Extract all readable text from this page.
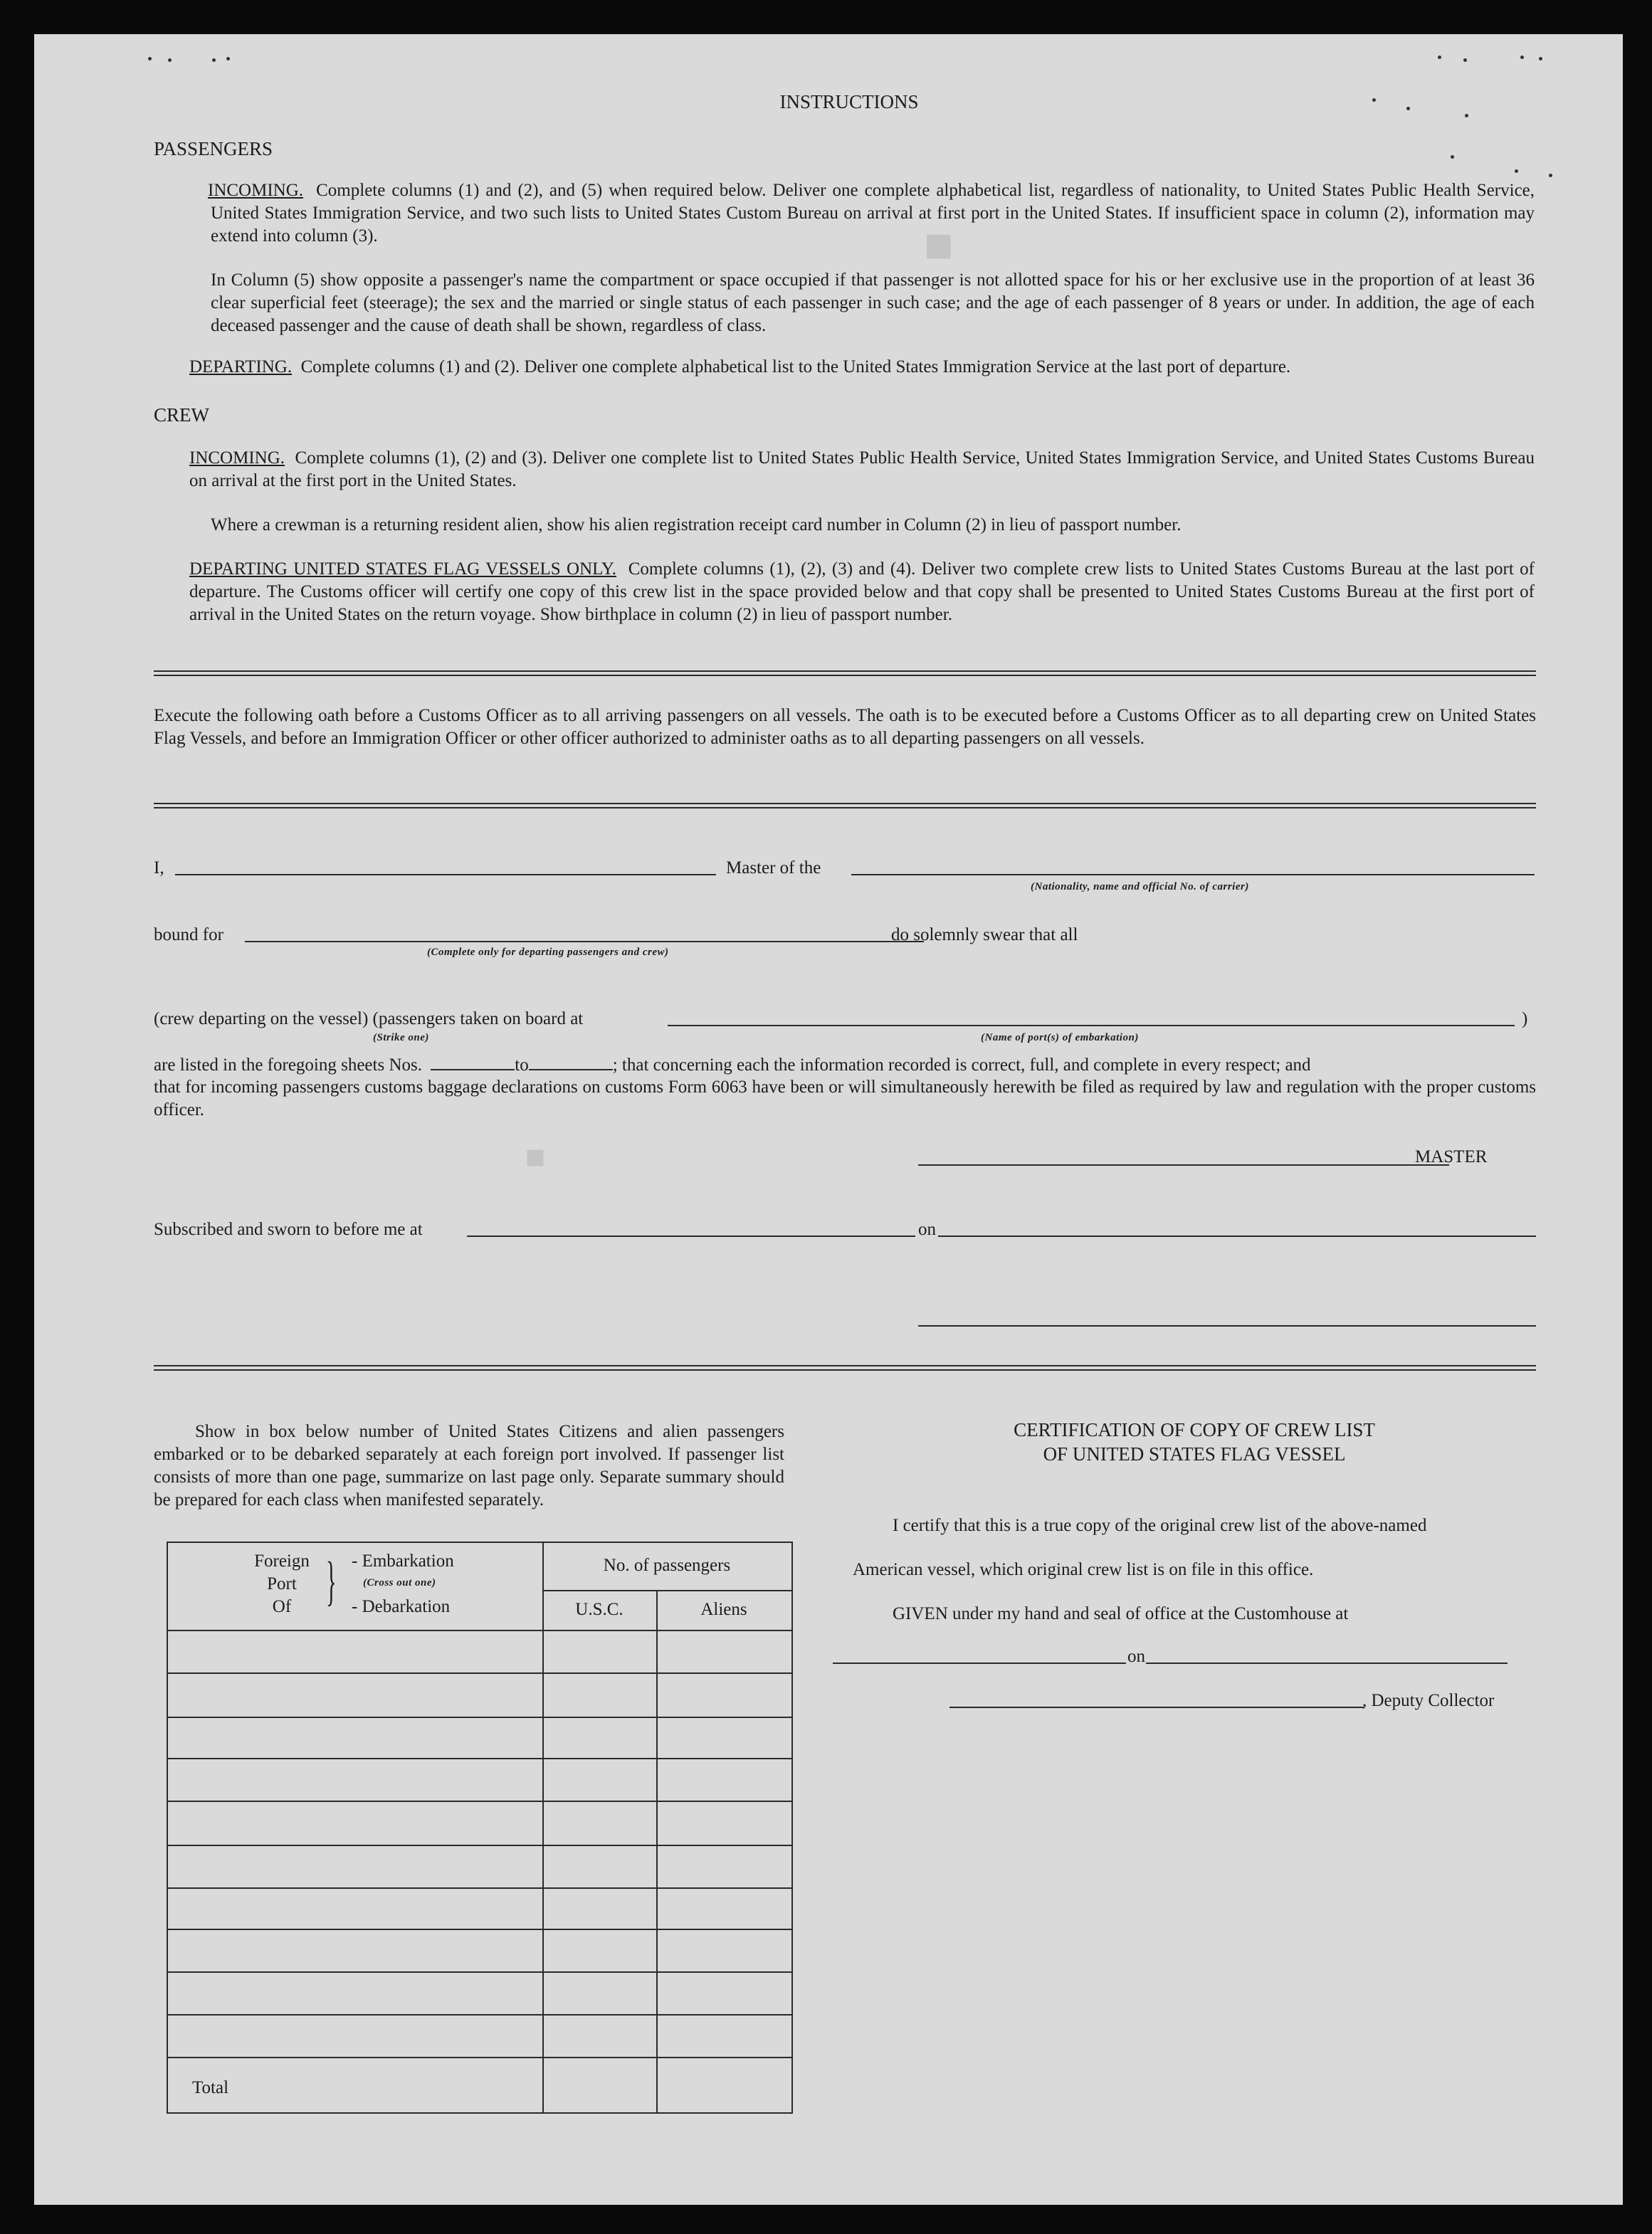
■
■
INSTRUCTIONS
PASSENGERS
INCOMING. Complete columns (1) and (2), and (5) when required below. Deliver one complete alphabetical list, regardless of nationality, to United States Public Health Service, United States Immigration Service, and two such lists to United States Custom Bureau on arrival at first port in the United States. If insufficient space in column (2), information may extend into column (3).
In Column (5) show opposite a passenger's name the compartment or space occupied if that passenger is not allotted space for his or her exclusive use in the proportion of at least 36 clear superficial feet (steerage); the sex and the married or single status of each passenger in such case; and the age of each passenger of 8 years or under. In addition, the age of each deceased passenger and the cause of death shall be shown, regardless of class.
DEPARTING. Complete columns (1) and (2). Deliver one complete alphabetical list to the United States Immigration Service at the last port of departure.
CREW
INCOMING. Complete columns (1), (2) and (3). Deliver one complete list to United States Public Health Service, United States Immigration Service, and United States Customs Bureau on arrival at the first port in the United States.
Where a crewman is a returning resident alien, show his alien registration receipt card number in Column (2) in lieu of passport number.
DEPARTING UNITED STATES FLAG VESSELS ONLY. Complete columns (1), (2), (3) and (4). Deliver two complete crew lists to United States Customs Bureau at the last port of departure. The Customs officer will certify one copy of this crew list in the space provided below and that copy shall be presented to United States Customs Bureau at the first port of arrival in the United States on the return voyage. Show birthplace in column (2) in lieu of passport number.
Execute the following oath before a Customs Officer as to all arriving passengers on all vessels. The oath is to be executed before a Customs Officer as to all departing crew on United States Flag Vessels, and before an Immigration Officer or other officer authorized to administer oaths as to all departing passengers on all vessels.
I,	Master of the
(Nationality, name and official No. of carrier)
bound for	do solemnly swear that all
(Complete only for departing passengers and crew)
(crew departing on the vessel) (passengers taken on board at	)
(Strike one)	(Name of port(s) of embarkation)
are listed in the foregoing sheets Nos.	to	; that concerning each the information recorded is correct, full, and complete in every respect; and
that for incoming passengers customs baggage declarations on customs Form 6063 have been or will simultaneously herewith be filed as required by law and regulation with the proper customs officer.
MASTER
Subscribed and sworn to before me at	on
Show in box below number of United States Citizens and alien passengers embarked or to be debarked separately at each foreign port involved. If passenger list consists of more than one page, summarize on last page only. Separate summary should be prepared for each class when manifested separately.
Foreign
Port
Of } - Embarkation
(Cross out one)
- Debarkation
No. of passengers
U.S.C.	Aliens
Total
CERTIFICATION OF COPY OF CREW LIST
OF UNITED STATES FLAG VESSEL
I certify that this is a true copy of the original crew list of the above-named
American vessel, which original crew list is on file in this office.
GIVEN under my hand and seal of office at the Customhouse at
on
, Deputy Collector
